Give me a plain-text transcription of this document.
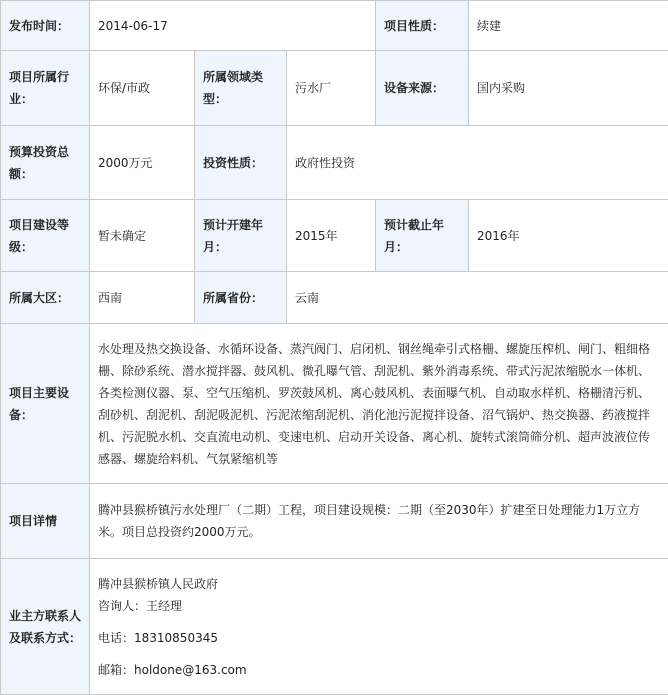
发布时间：	2014-06-17			项目性质：	续建
项目所属行业：	环保/市政	所属领域类型：	污水厂	设备来源：	国内采购
预算投资总额：	2000万元	投资性质：	政府性投资		
项目建设等级：	暂未确定	预计开建年月：	2015年	预计截止年月：	2016年
所属大区：	西南	所属省份：	云南		
项目主要设备：	水处理及热交换设备、水循环设备、蒸汽阀门、启闭机、钢丝绳牵引式格栅、螺旋压榨机、闸门、粗细格栅、除砂系统、潜水搅拌器、鼓风机、微孔曝气管、刮泥机、紫外消毒系统、带式污泥浓缩脱水一体机、各类检测仪器、泵、空气压缩机、罗茨鼓风机、离心鼓风机、表面曝气机、自动取水样机、格栅清污机、刮砂机、刮泥机、刮泥吸泥机、污泥浓缩刮泥机、消化池污泥搅拌设备、沼气锅炉、热交换器、药液搅拌机、污泥脱水机、交直流电动机、变速电机、启动开关设备、离心机、旋转式滚筒筛分机、超声波液位传感器、螺旋给料机、气氛紧缩机等				
项目详情	腾冲县猴桥镇污水处理厂（二期）工程，项目建设规模：二期（至2030年）扩建至日处理能力1万立方米。项目总投资约2000万元。				
业主方联系人及联系方式：	腾冲县猴桥镇人民政府
咨询人：王经理
电话：18310850345
邮箱：holdone@163.com				
